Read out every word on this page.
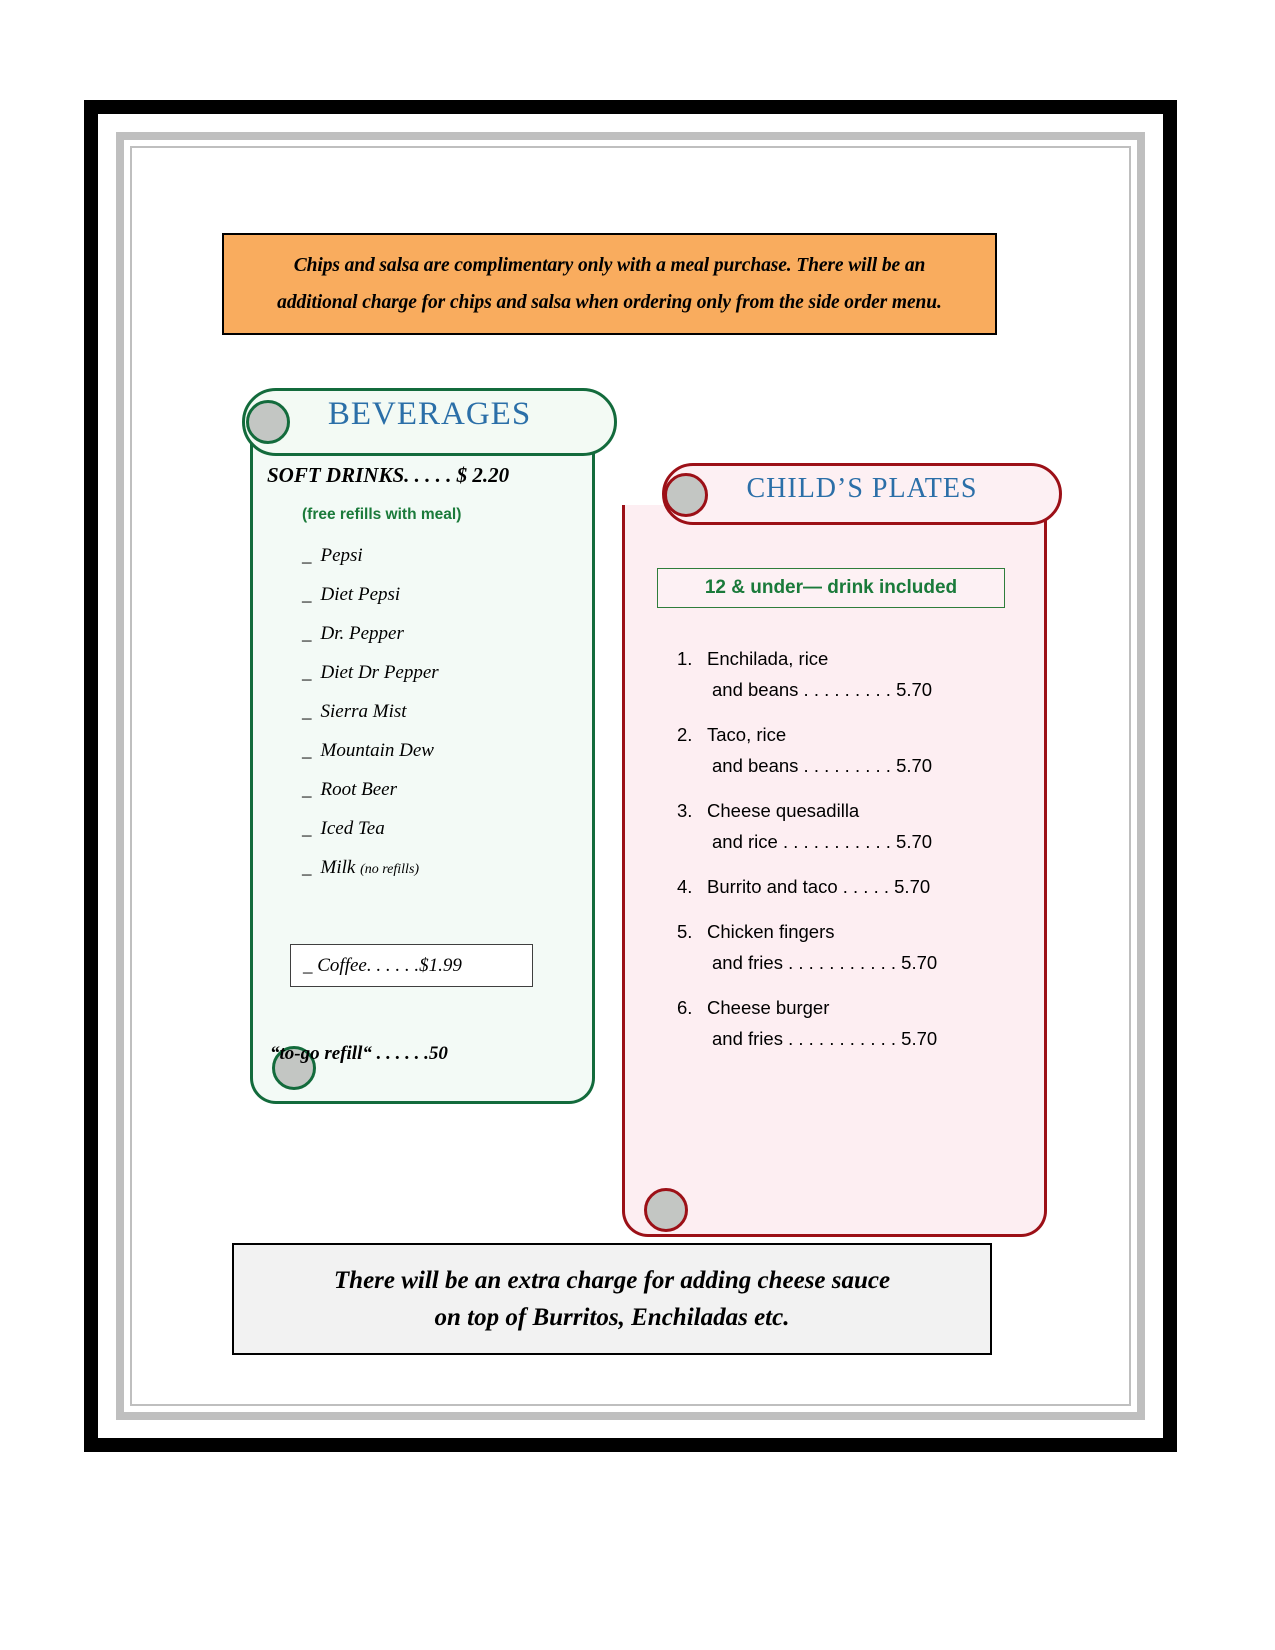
Chips and salsa are complimentary only with a meal purchase. There will be an
additional charge for chips and salsa when ordering only from the side order menu.
BEVERAGES
SOFT DRINKS. . . . . $ 2.20
(free refills with meal)
_ Pepsi
_ Diet Pepsi
_ Dr. Pepper
_ Diet Dr Pepper
_ Sierra Mist
_ Mountain Dew
_ Root Beer
_ Iced Tea
_ Milk (no refills)
_ Coffee. . . . . .$1.99
“to-go refill“ . . . . . .50
CHILD’S PLATES
12 & under— drink included
1. Enchilada, rice
and beans . . . . . . . . . 5.70
2. Taco, rice
and beans . . . . . . . . . 5.70
3. Cheese quesadilla
and rice . . . . . . . . . . . 5.70
4. Burrito and taco . . . . . 5.70
5. Chicken fingers
and fries . . . . . . . . . . . 5.70
6. Cheese burger
and fries . . . . . . . . . . . 5.70
There will be an extra charge for adding cheese sauce
on top of Burritos, Enchiladas etc.
